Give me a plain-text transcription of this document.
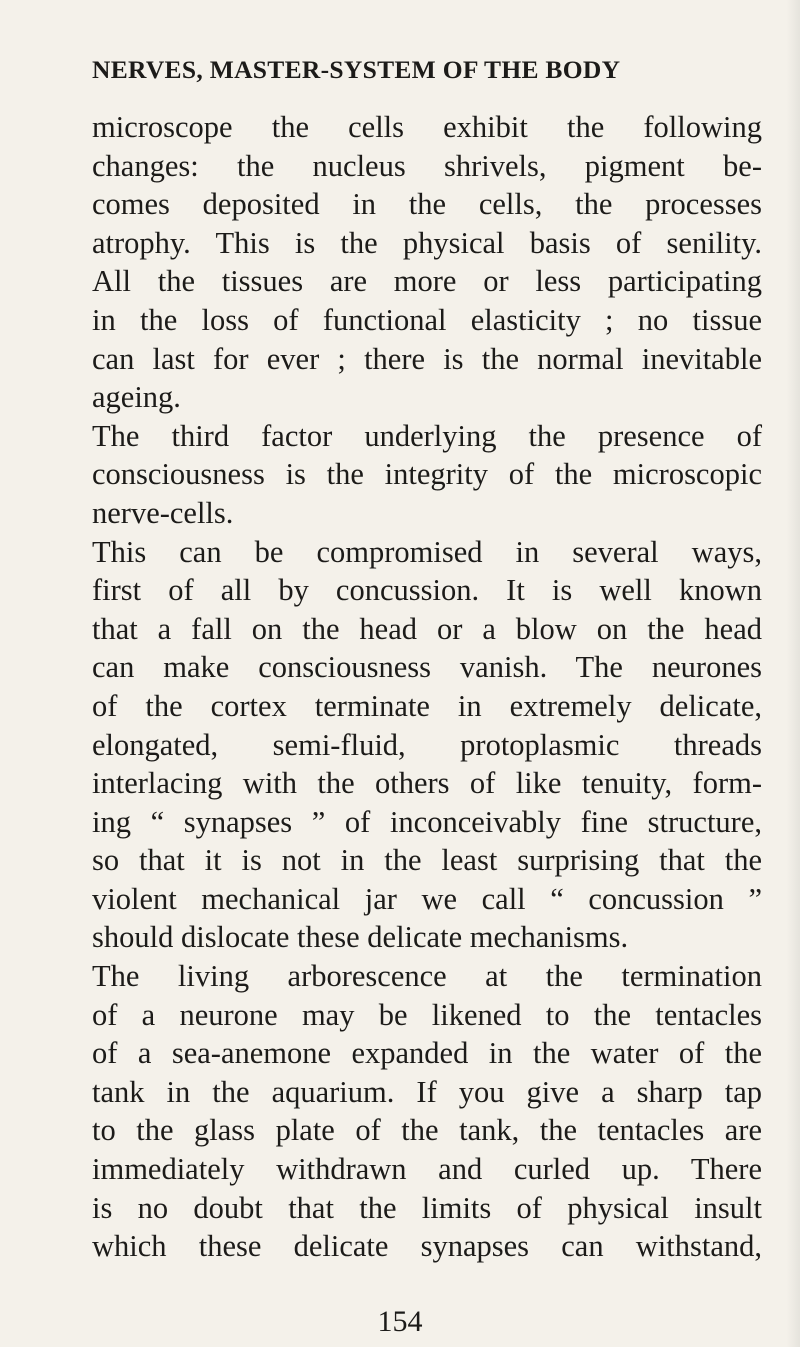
NERVES, MASTER-SYSTEM OF THE BODY
microscope the cells exhibit the following
changes: the nucleus shrivels, pigment be-
comes deposited in the cells, the processes
atrophy. This is the physical basis of senility.
All the tissues are more or less participating
in the loss of functional elasticity ; no tissue
can last for ever ; there is the normal inevitable
ageing.
The third factor underlying the presence of
consciousness is the integrity of the microscopic
nerve-cells.
This can be compromised in several ways,
first of all by concussion. It is well known
that a fall on the head or a blow on the head
can make consciousness vanish. The neurones
of the cortex terminate in extremely delicate,
elongated, semi-fluid, protoplasmic threads
interlacing with the others of like tenuity, form-
ing “ synapses ” of inconceivably fine structure,
so that it is not in the least surprising that the
violent mechanical jar we call “ concussion ”
should dislocate these delicate mechanisms.
The living arborescence at the termination
of a neurone may be likened to the tentacles
of a sea-anemone expanded in the water of the
tank in the aquarium. If you give a sharp tap
to the glass plate of the tank, the tentacles are
immediately withdrawn and curled up. There
is no doubt that the limits of physical insult
which these delicate synapses can withstand,
154
